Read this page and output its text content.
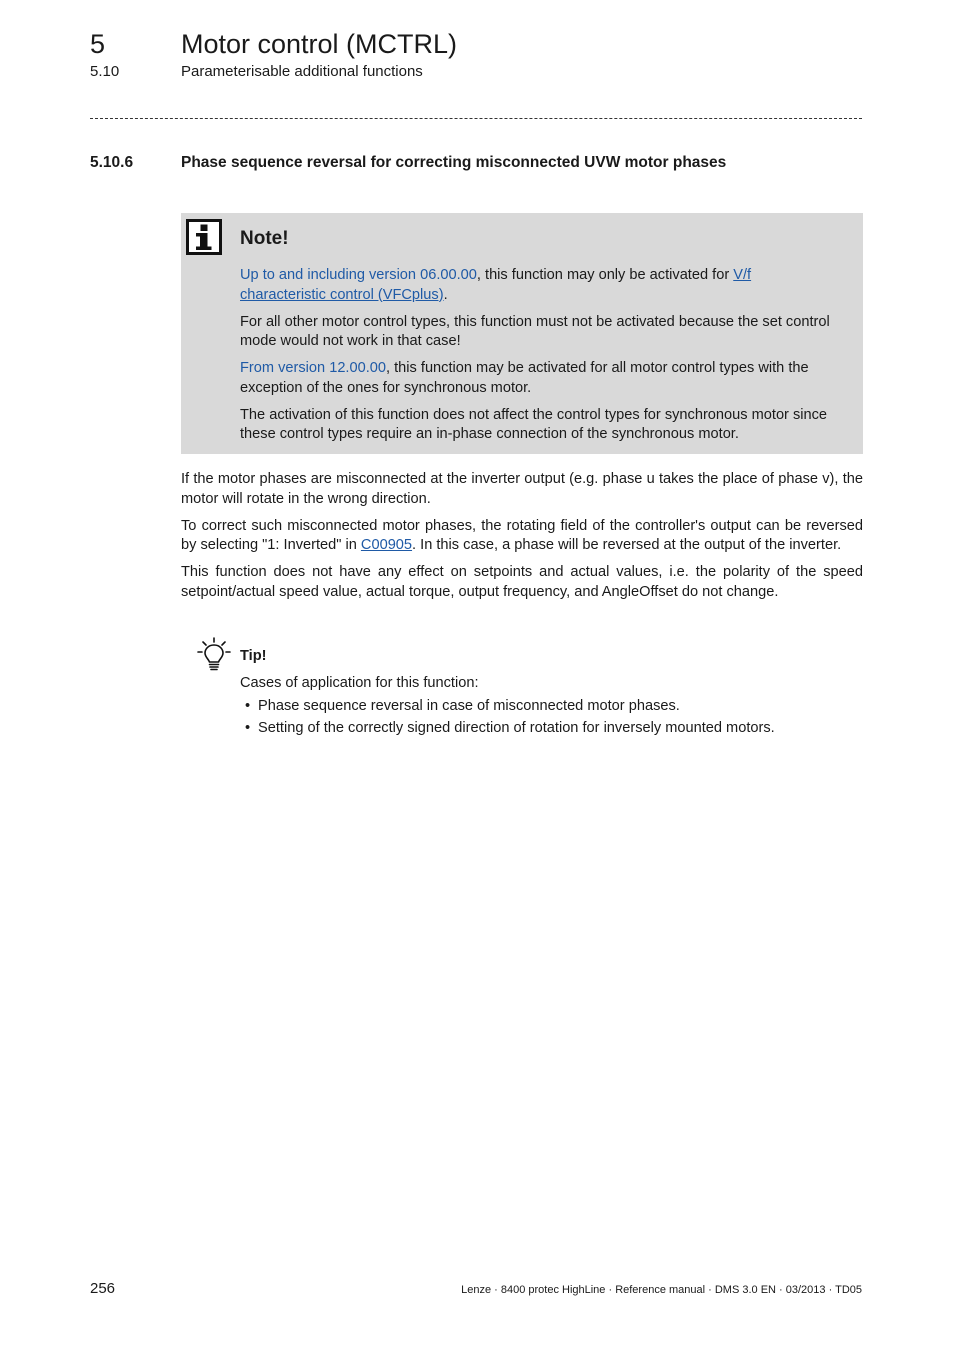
5	Motor control (MCTRL)
5.10	Parameterisable additional functions
5.10.6	Phase sequence reversal for correcting misconnected UVW motor phases
Note!

Up to and including version 06.00.00, this function may only be activated for V/f
characteristic control (VFCplus).

For all other motor control types, this function must not be activated because the set control mode would not work in that case!

From version 12.00.00, this function may be activated for all motor control types with the exception of the ones for synchronous motor.

The activation of this function does not affect the control types for synchronous motor since these control types require an in-phase connection of the synchronous motor.

If the motor phases are misconnected at the inverter output (e.g. phase u takes the place of phase v), the motor will rotate in the wrong direction.

To correct such misconnected motor phases, the rotating field of the controller's output can be reversed by selecting "1: Inverted" in C00905. In this case, a phase will be reversed at the output of the inverter.

This function does not have any effect on setpoints and actual values, i.e. the polarity of the speed setpoint/actual speed value, actual torque, output frequency, and AngleOffset do not change.

Tip!
Cases of application for this function:
• Phase sequence reversal in case of misconnected motor phases.
• Setting of the correctly signed direction of rotation for inversely mounted motors.
256	Lenze · 8400 protec HighLine · Reference manual · DMS 3.0 EN · 03/2013 · TD05
